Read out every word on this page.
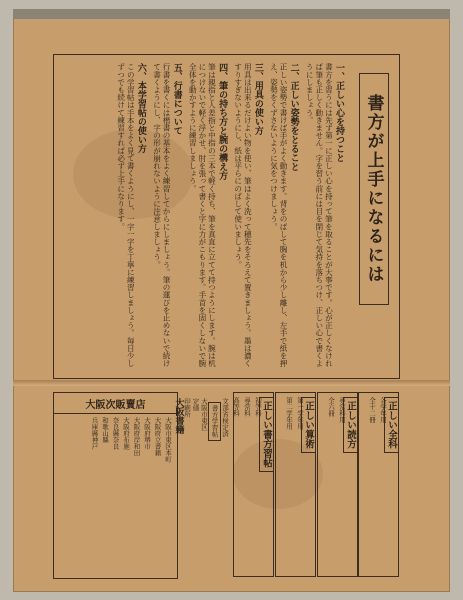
書方が上手になるには
一、正しい心を持つこと

書方を習うには先ず第一に正しい心を持って筆を取ることが大事です。心が正しくなければ筆も正しく動きません。字を習う前には目を閉じて気持を落ちつけ、正しい心で書くようにしましょう。

二、正しい姿勢をとること

正しい姿勢で書けば手がよく動きます。背をのばして胸を机から少し離し、左手で紙を押え、姿勢をくずさないように気をつけましょう。

三、用具の使い方

用具は出来るだけよい物を使い、筆はよく洗って穂先をそろえて置きましょう。墨は濃くすりすぎないようにし、紙は平らにのばして使いましょう。

四、筆の持ち方と腕の構え方

筆は親指と人差指と中指の三本で軽く持ち、筆を真直に立てて持つようにします。腕は机につけないで軽く浮かせ、肘を張って書くと字に力がこもります。手首を固くしないで腕全体を動かすように練習しましょう。

五、行書について

行書を書くには楷書の基本をよく練習してからにしましょう。筆の運びを止めないで続けて書くようにし、字の形が崩れないように注意しましょう。

六、本学習帖の使い方

この学習帖は手本をよく見て書くようにし、一字一字を丁寧に練習しましょう。毎日少しずつでも続けて練習すれば必ず上手になります。

大阪次販賣店
大阪市東区本町
大阪府立書籍
大阪府堺市
大阪府岸和田
大阪府布施
奈良縣奈良
和歌山縣
兵庫縣神戸	文部省検定済
書方学習帖
大阪市東区
定価
印刷所
大阪書籍	正しい書方習帖
初等科
尋常科
高等科	正しい算術
第一学年用
第二学年用	正しい読方
尋常科用
全六冊	正しい全科
各学年用
全十二冊
